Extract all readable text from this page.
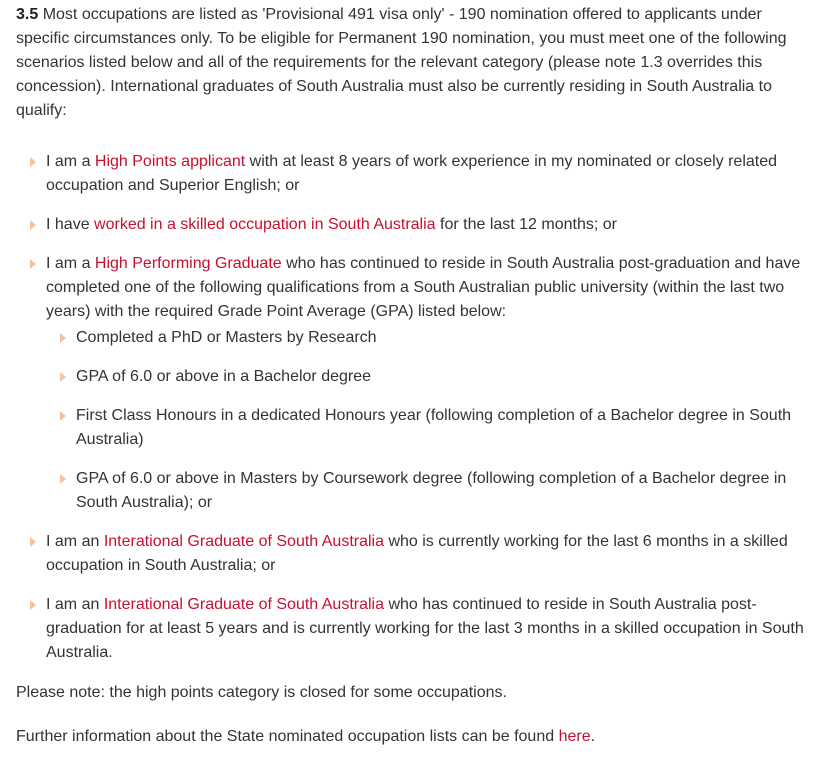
3.5 Most occupations are listed as 'Provisional 491 visa only' - 190 nomination offered to applicants under specific circumstances only. To be eligible for Permanent 190 nomination, you must meet one of the following scenarios listed below and all of the requirements for the relevant category (please note 1.3 overrides this concession). International graduates of South Australia must also be currently residing in South Australia to qualify:

I am a High Points applicant with at least 8 years of work experience in my nominated or closely related occupation and Superior English; or
I have worked in a skilled occupation in South Australia for the last 12 months; or
I am a High Performing Graduate who has continued to reside in South Australia post-graduation and have completed one of the following qualifications from a South Australian public university (within the last two years) with the required Grade Point Average (GPA) listed below:
Completed a PhD or Masters by Research
GPA of 6.0 or above in a Bachelor degree
First Class Honours in a dedicated Honours year (following completion of a Bachelor degree in South Australia)
GPA of 6.0 or above in Masters by Coursework degree (following completion of a Bachelor degree in South Australia); or
I am an Interational Graduate of South Australia who is currently working for the last 6 months in a skilled occupation in South Australia; or
I am an Interational Graduate of South Australia who has continued to reside in South Australia post-graduation for at least 5 years and is currently working for the last 3 months in a skilled occupation in South Australia.

Please note: the high points category is closed for some occupations.

Further information about the State nominated occupation lists can be found here.
